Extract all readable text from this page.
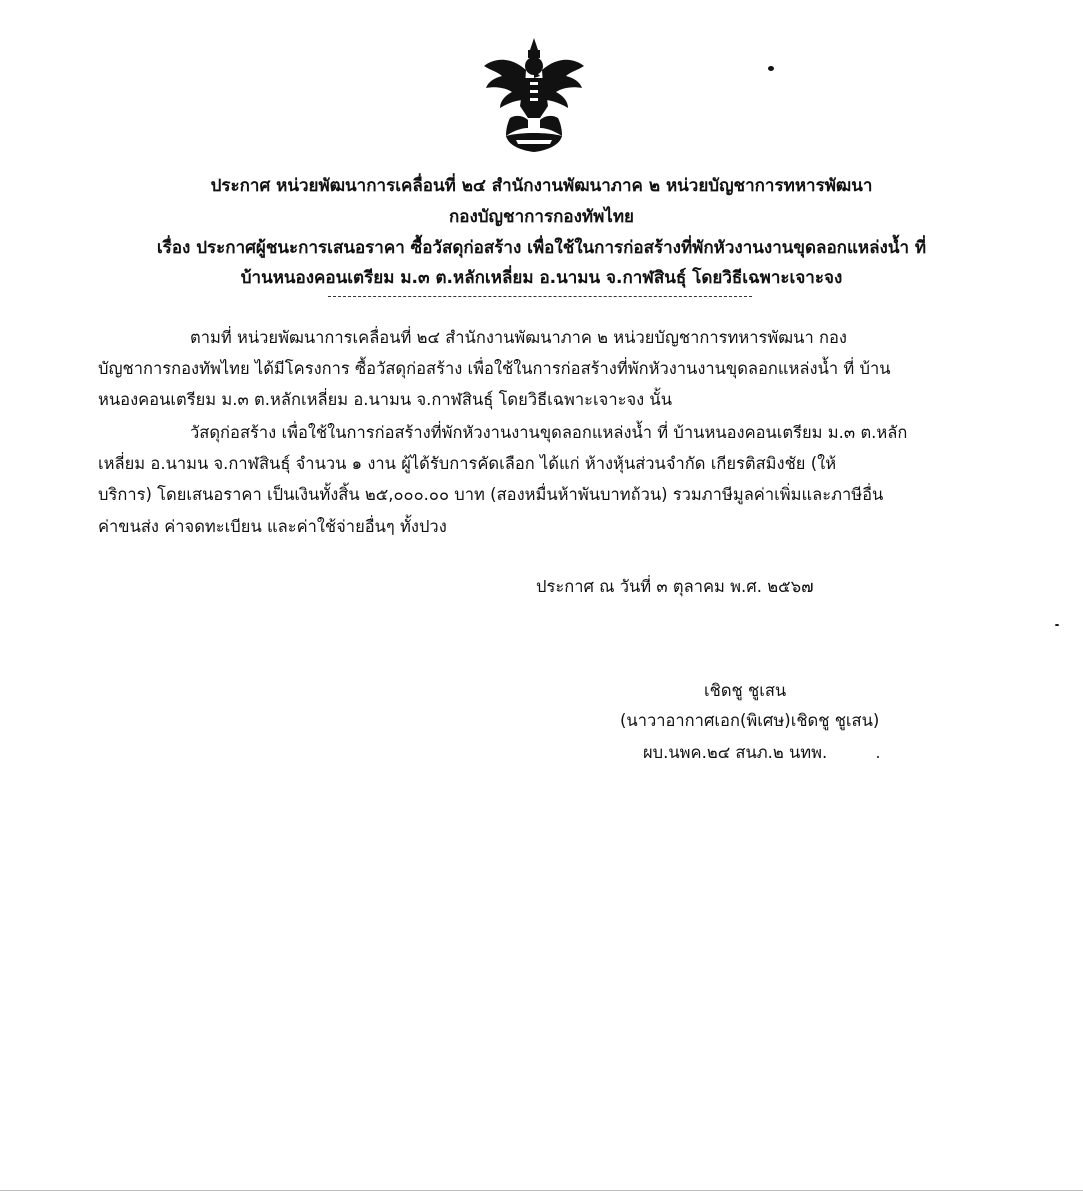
ประกาศ หน่วยพัฒนาการเคลื่อนที่ ๒๔ สำนักงานพัฒนาภาค ๒ หน่วยบัญชาการทหารพัฒนา
กองบัญชาการกองทัพไทย
เรื่อง ประกาศผู้ชนะการเสนอราคา ซื้อวัสดุก่อสร้าง เพื่อใช้ในการก่อสร้างที่พักหัวงานงานขุดลอกแหล่งน้ำ ที่
บ้านหนองคอนเตรียม ม.๓ ต.หลักเหลี่ยม อ.นามน จ.กาฬสินธุ์ โดยวิธีเฉพาะเจาะจง
ตามที่ หน่วยพัฒนาการเคลื่อนที่ ๒๔ สำนักงานพัฒนาภาค ๒ หน่วยบัญชาการทหารพัฒนา กอง
บัญชาการกองทัพไทย ได้มีโครงการ ซื้อวัสดุก่อสร้าง เพื่อใช้ในการก่อสร้างที่พักหัวงานงานขุดลอกแหล่งน้ำ ที่ บ้าน
หนองคอนเตรียม ม.๓ ต.หลักเหลี่ยม อ.นามน จ.กาฬสินธุ์ โดยวิธีเฉพาะเจาะจง นั้น
วัสดุก่อสร้าง เพื่อใช้ในการก่อสร้างที่พักหัวงานงานขุดลอกแหล่งน้ำ ที่ บ้านหนองคอนเตรียม ม.๓ ต.หลัก
เหลี่ยม อ.นามน จ.กาฬสินธุ์ จำนวน ๑ งาน ผู้ได้รับการคัดเลือก ได้แก่ ห้างหุ้นส่วนจำกัด เกียรติสมิงชัย (ให้
บริการ) โดยเสนอราคา เป็นเงินทั้งสิ้น ๒๕,๐๐๐.๐๐ บาท (สองหมื่นห้าพันบาทถ้วน) รวมภาษีมูลค่าเพิ่มและภาษีอื่น
ค่าขนส่ง ค่าจดทะเบียน และค่าใช้จ่ายอื่นๆ ทั้งปวง
ประกาศ ณ วันที่ ๓ ตุลาคม พ.ศ. ๒๕๖๗
เชิดชู ชูเสน
(นาวาอากาศเอก(พิเศษ)เชิดชู ชูเสน)
ผบ.นพค.๒๔ สนภ.๒ นทพ.
